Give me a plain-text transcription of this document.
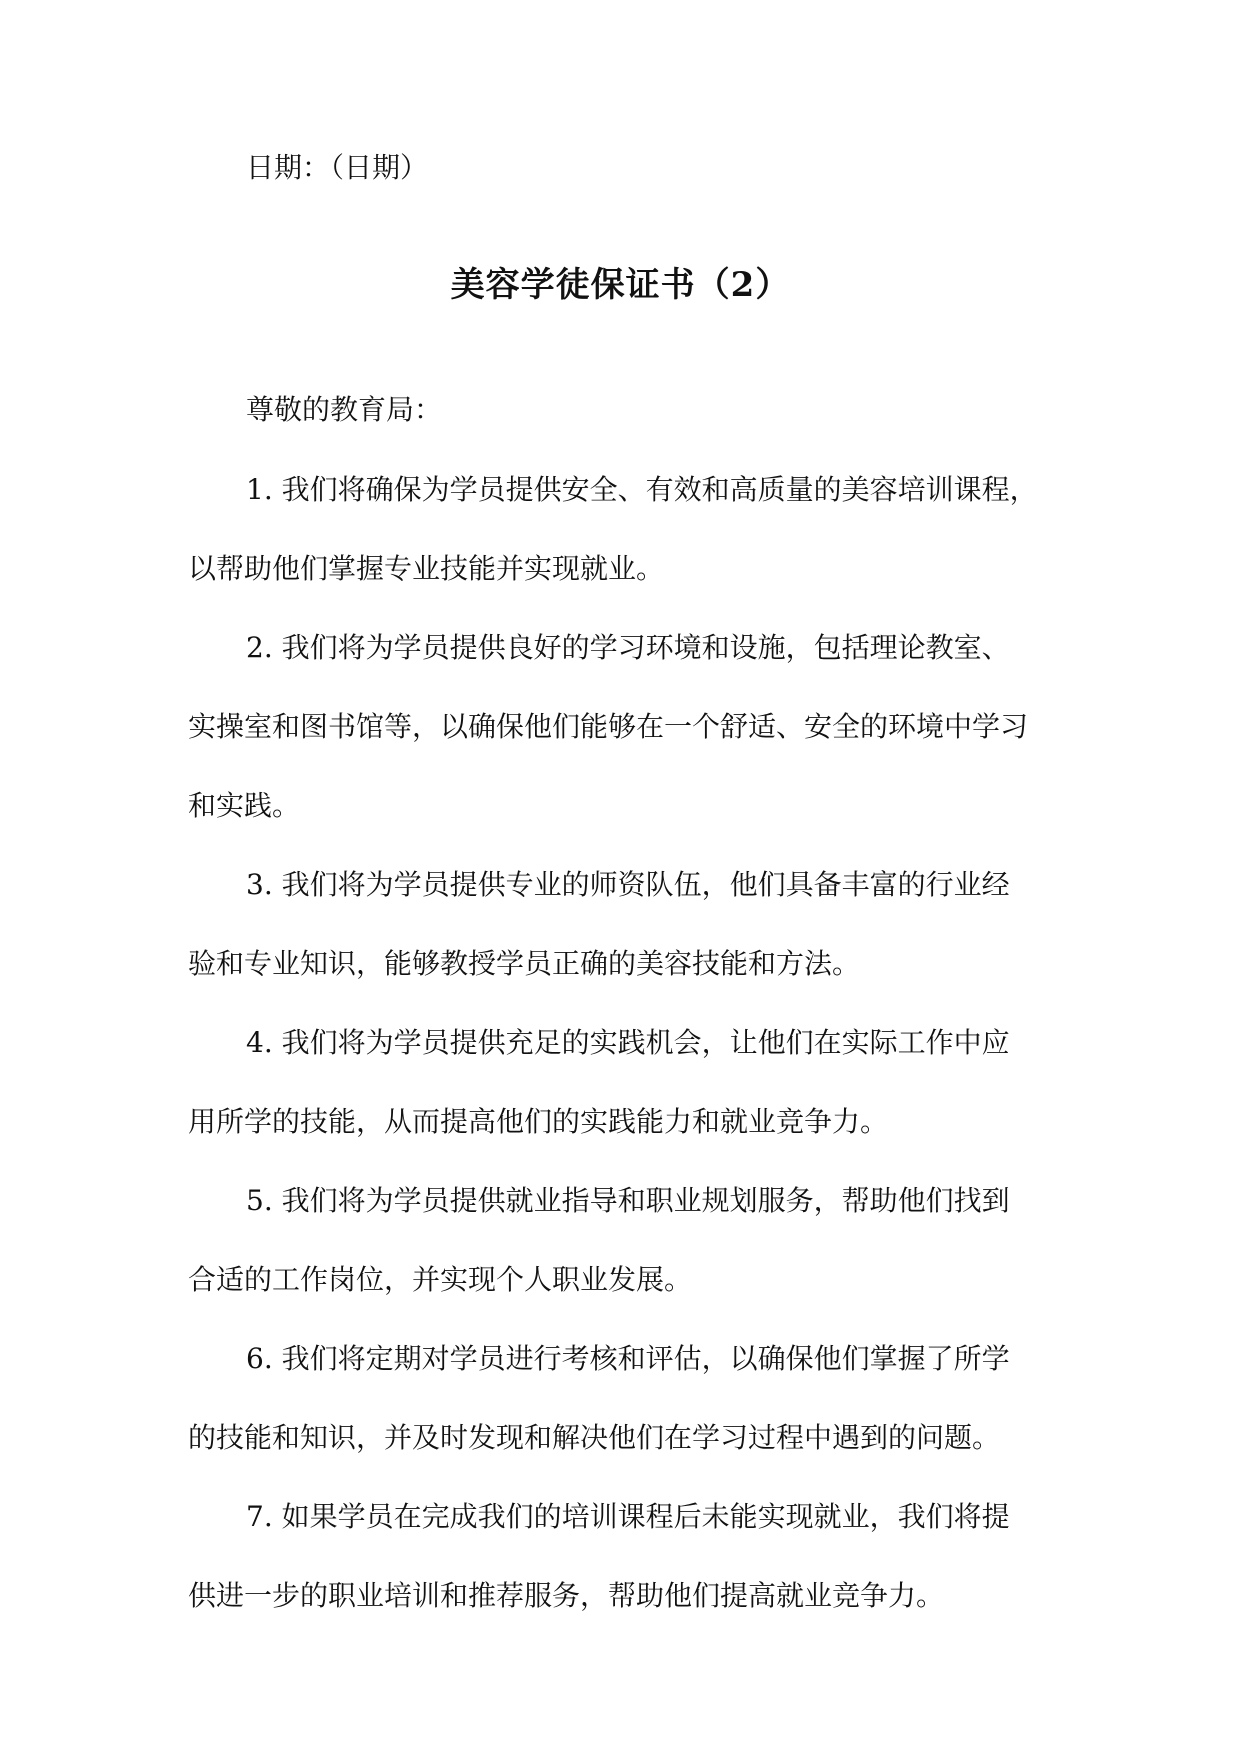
日期：（日期）
美容学徒保证书（2）
尊敬的教育局：
1. 我们将确保为学员提供安全、有效和高质量的美容培训课程，
以帮助他们掌握专业技能并实现就业。
2. 我们将为学员提供良好的学习环境和设施，包括理论教室、
实操室和图书馆等，以确保他们能够在一个舒适、安全的环境中学习
和实践。
3. 我们将为学员提供专业的师资队伍，他们具备丰富的行业经
验和专业知识，能够教授学员正确的美容技能和方法。
4. 我们将为学员提供充足的实践机会，让他们在实际工作中应
用所学的技能，从而提高他们的实践能力和就业竞争力。
5. 我们将为学员提供就业指导和职业规划服务，帮助他们找到
合适的工作岗位，并实现个人职业发展。
6. 我们将定期对学员进行考核和评估，以确保他们掌握了所学
的技能和知识，并及时发现和解决他们在学习过程中遇到的问题。
7. 如果学员在完成我们的培训课程后未能实现就业，我们将提
供进一步的职业培训和推荐服务，帮助他们提高就业竞争力。
